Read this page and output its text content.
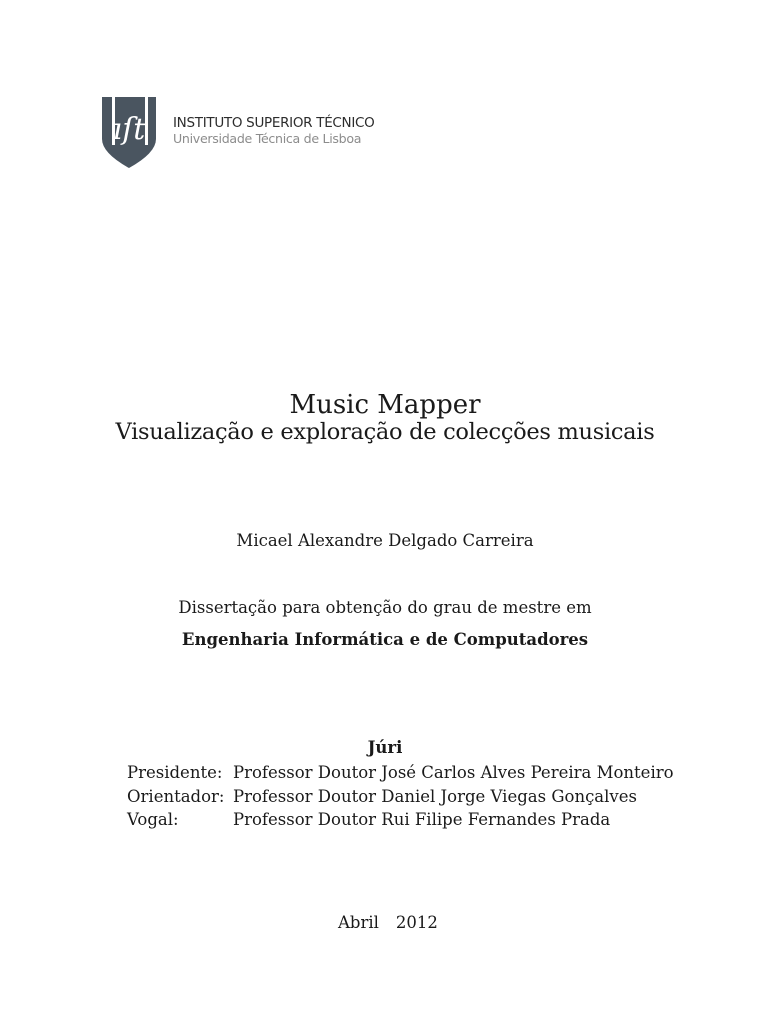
ıſt INSTITUTO SUPERIOR TÉCNICO
Universidade Técnica de Lisboa
Music Mapper
Visualização e exploração de colecções musicais
Micael Alexandre Delgado Carreira
Dissertação para obtenção do grau de mestre em
Engenharia Informática e de Computadores
Júri
Presidente: Professor Doutor José Carlos Alves Pereira Monteiro
Orientador: Professor Doutor Daniel Jorge Viegas Gonçalves
Vogal:	Professor Doutor Rui Filipe Fernandes Prada
Abril 2012
